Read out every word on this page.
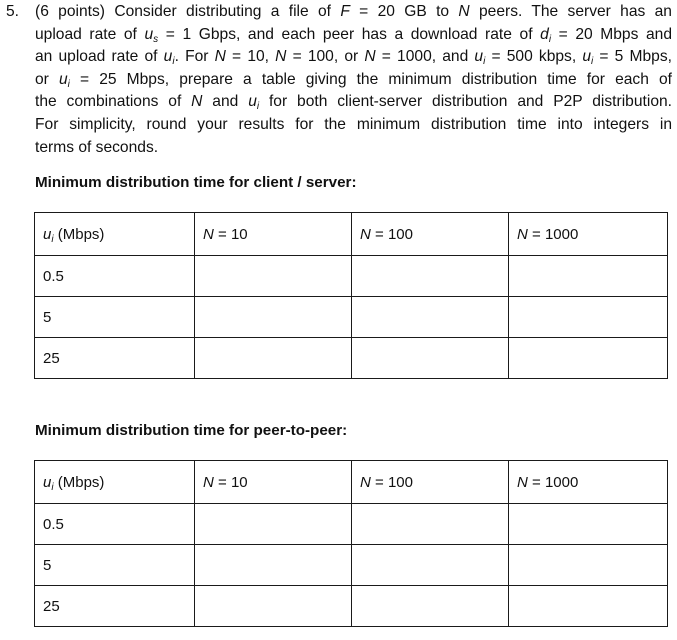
5. (6 points) Consider distributing a file of F = 20 GB to N peers. The server has an
upload rate of $u_s = 1$ Gbps, and each peer has a download rate of $d_i = 20$ Mbps and
an upload rate of $u_i$. For N = 10, N = 100, or N = 1000, and $u_i = 500$ kbps, $u_i = 5$ Mbps,
or $u_i = 25$ Mbps, prepare a table giving the minimum distribution time for each of
the combinations of N and $u_i$ for both client-server distribution and P2P distribution.
For simplicity, round your results for the minimum distribution time into integers in
terms of seconds.
Minimum distribution time for client / server:
$u_i$ (Mbps)	N = 10	N = 100	N = 1000
0.5			
5			
25			
Minimum distribution time for peer-to-peer:
$u_i$ (Mbps)	N = 10	N = 100	N = 1000
0.5			
5			
25			
